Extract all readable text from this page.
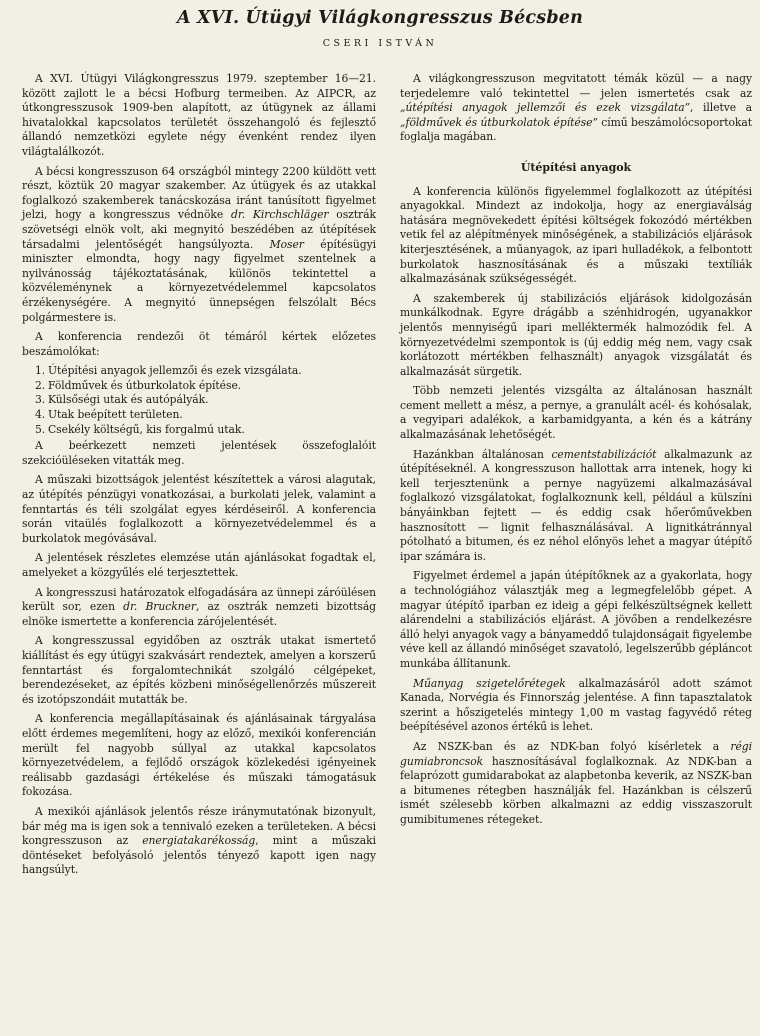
A XVI. Útügyi Világkongresszus Bécsben
CSERI ISTVÁN

A XVI. Útügyi Világkongresszus 1979. szeptember 16—21. között zajlott le a bécsi Hofburg termeiben. Az AIPCR, az útkongresszusok 1909-ben alapított, az útügynek az állami hivatalokkal kapcsolatos területét összehangoló és fejlesztő állandó nemzetközi egylete négy évenként rendez ilyen világtalálkozót.

A bécsi kongresszuson 64 országból mintegy 2200 küldött vett részt, köztük 20 magyar szakember. Az útügyek és az utakkal foglalkozó szakemberek tanácskozása iránt tanúsított figyelmet jelzi, hogy a kongresszus védnöke dr. Kirchschläger osztrák szövetségi elnök volt, aki megnyitó beszédében az útépítések társadalmi jelentőségét hangsúlyozta. Moser építésügyi miniszter elmondta, hogy nagy figyelmet szentelnek a nyilvánosság tájékoztatásának, különös tekintettel a közvéleménynek a környezetvédelemmel kapcsolatos érzékenységére. A megnyitó ünnepségen felszólalt Bécs polgármestere is.

A konferencia rendezői öt témáról kértek előzetes beszámolókat:

1. Útépítési anyagok jellemzői és ezek vizsgálata.
2. Földművek és útburkolatok építése.
3. Külsőségi utak és autópályák.
4. Utak beépített területen.
5. Csekély költségű, kis forgalmú utak.

A beérkezett nemzeti jelentések összefoglalóit szekcióüléseken vitatták meg.

A műszaki bizottságok jelentést készítettek a városi alagutak, az útépítés pénzügyi vonatkozásai, a burkolati jelek, valamint a fenntartás és téli szolgálat egyes kérdéseiről. A konferencia során vitaülés foglalkozott a környezetvédelemmel és a burkolatok megóvásával.

A jelentések részletes elemzése után ajánlásokat fogadtak el, amelyeket a közgyűlés elé terjesztettek.

A kongresszusi határozatok elfogadására az ünnepi záróülésen került sor, ezen dr. Bruckner, az osztrák nemzeti bizottság elnöke ismertette a konferencia zárójelentését.

A kongresszussal egyidőben az osztrák utakat ismertető kiállítást és egy útügyi szakvásárt rendeztek, amelyen a korszerű fenntartást és forgalomtechnikát szolgáló célgépeket, berendezéseket, az építés közbeni minőségellenőrzés műszereit és izotópszondáit mutatták be.

A konferencia megállapításainak és ajánlásainak tárgyalása előtt érdemes megemlíteni, hogy az előző, mexikói konferencián merült fel nagyobb súllyal az utakkal kapcsolatos környezetvédelem, a fejlődő országok közlekedési igényeinek reálisabb gazdasági értékelése és műszaki támogatásuk fokozása.

A mexikói ajánlások jelentős része iránymutatónak bizonyult, bár még ma is igen sok a tennivaló ezeken a területeken. A bécsi kongresszuson az energiatakarékosság, mint a műszaki döntéseket befolyásoló jelentős tényező kapott igen nagy hangsúlyt.

A világkongresszuson megvitatott témák közül — a nagy terjedelemre való tekintettel — jelen ismertetés csak az „útépítési anyagok jellemzői és ezek vizsgálata”, illetve a „földművek és útburkolatok építése” című beszámolócsoportokat foglalja magában.

Útépítési anyagok

A konferencia különös figyelemmel foglalkozott az útépítési anyagokkal. Mindezt az indokolja, hogy az energiaválság hatására megnövekedett építési költségek fokozódó mértékben vetik fel az alépítmények minőségének, a stabilizációs eljárások kiterjesztésének, a műanyagok, az ipari hulladékok, a felbontott burkolatok hasznosításának és a műszaki textíliák alkalmazásának szükségességét.

A szakemberek új stabilizációs eljárások kidolgozásán munkálkodnak. Egyre drágább a szénhidrogén, ugyanakkor jelentős mennyiségű ipari melléktermék halmozódik fel. A környezetvédelmi szempontok is (új eddig még nem, vagy csak korlátozott mértékben felhasznált) anyagok vizsgálatát és alkalmazását sürgetik.

Több nemzeti jelentés vizsgálta az általánosan használt cement mellett a mész, a pernye, a granulált acél- és kohósalak, a vegyipari adalékok, a karbamidgyanta, a kén és a kátrány alkalmazásának lehetőségét.

Hazánkban általánosan cementstabilizációt alkalmazunk az útépítéseknél. A kongresszuson hallottak arra intenek, hogy ki kell terjesztenünk a pernye nagyüzemi alkalmazásával foglalkozó vizsgálatokat, foglalkoznunk kell, például a külszíni bányáinkban fejtett — és eddig csak hőerőművekben hasznosított — lignit felhasználásával. A lignitkátránnyal pótolható a bitumen, és ez néhol előnyös lehet a magyar útépítő ipar számára is.

Figyelmet érdemel a japán útépítőknek az a gyakorlata, hogy a technológiához választják meg a legmegfelelőbb gépet. A magyar útépítő iparban ez ideig a gépi felkészültségnek kellett alárendelni a stabilizációs eljárást. A jövőben a rendelkezésre álló helyi anyagok vagy a bányameddő tulajdonságait figyelembe véve kell az állandó minőséget szavatoló, legelszerűbb gépláncot munkába állítanunk.

Műanyag szigetelőrétegek alkalmazásáról adott számot Kanada, Norvégia és Finnország jelentése. A finn tapasztalatok szerint a hőszigetelés mintegy 1,00 m vastag fagyvédő réteg beépítésével azonos értékű is lehet.

Az NSZK-ban és az NDK-ban folyó kísérletek a régi gumiabroncsok hasznosításával foglalkoznak. Az NDK-ban a felaprózott gumidarabokat az alapbetonba keverik, az NSZK-ban a bitumenes rétegben használják fel. Hazánkban is célszerű ismét szélesebb körben alkalmazni az eddig visszaszorult gumibitumenes rétegeket.
